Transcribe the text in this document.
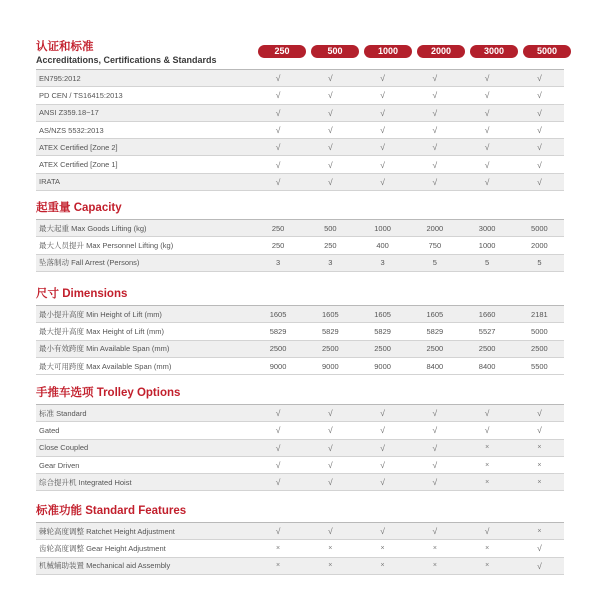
250	500	1000	2000	3000	5000
认证和标准
Accreditations, Certifications & Standards
EN795:2012	√	√	√	√	√	√
PD CEN / TS16415:2013	√	√	√	√	√	√
ANSI Z359.18−17	√	√	√	√	√	√
AS/NZS 5532:2013	√	√	√	√	√	√
ATEX Certified [Zone 2]	√	√	√	√	√	√
ATEX Certified [Zone 1]	√	√	√	√	√	√
IRATA	√	√	√	√	√	√
起重量 Capacity
最大起重 Max Goods Lifting (kg)	250	500	1000	2000	3000	5000
最大人员提升 Max Personnel Lifting (kg)	250	250	400	750	1000	2000
坠落制动 Fall Arrest (Persons)	3	3	3	5	5	5
尺寸 Dimensions
最小提升高度 Min Height of Lift (mm)	1605	1605	1605	1605	1660	2181
最大提升高度 Max Height of Lift (mm)	5829	5829	5829	5829	5527	5000
最小有效跨度 Min Available Span (mm)	2500	2500	2500	2500	2500	2500
最大可用跨度 Max Available Span (mm)	9000	9000	9000	8400	8400	5500
手推车选项 Trolley Options
标准 Standard	√	√	√	√	√	√
Gated	√	√	√	√	√	√
Close Coupled	√	√	√	√	×	×
Gear Driven	√	√	√	√	×	×
综合提升机 Integrated Hoist	√	√	√	√	×	×
标准功能 Standard Features
棘轮高度调整 Ratchet Height Adjustment	√	√	√	√	√	×
齿轮高度调整 Gear Height Adjustment	×	×	×	×	×	√
机械辅助装置 Mechanical aid Assembly	×	×	×	×	×	√
